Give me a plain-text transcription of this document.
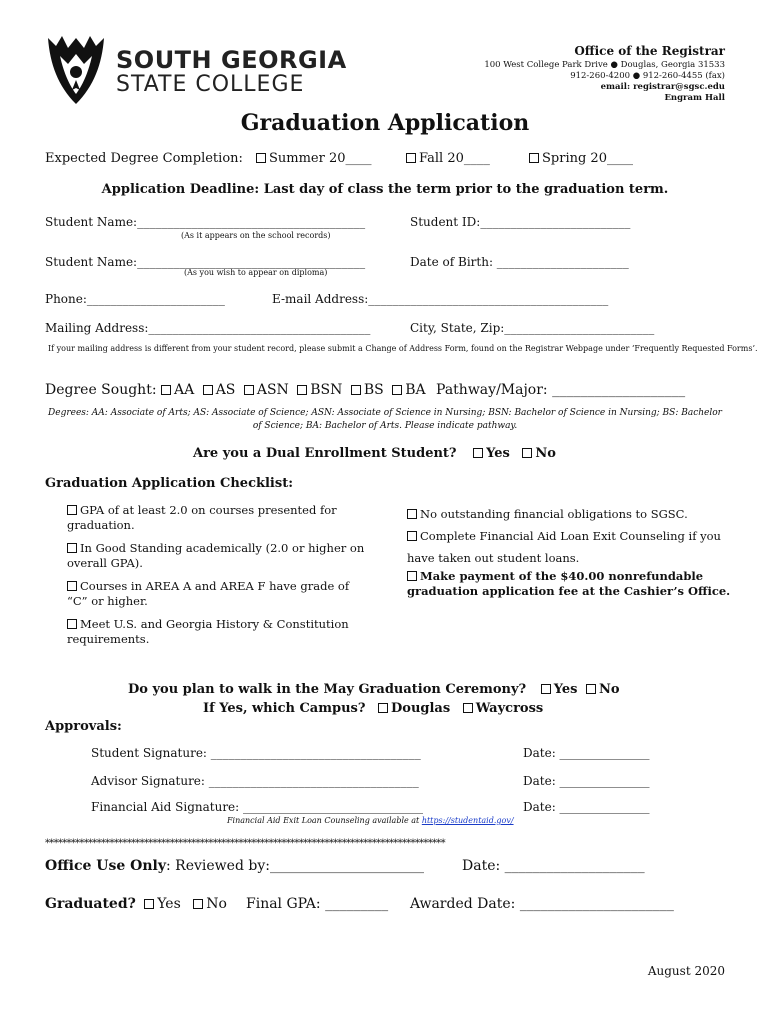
SOUTH GEORGIA
STATE COLLEGE
Office of the Registrar
100 West College Park Drive ● Douglas, Georgia 31533
912-260-4200 ● 912-260-4455 (fax)
email: registrar@sgsc.edu
Engram Hall
Graduation Application
Expected Degree Completion:	Summer 20____	Fall 20____	Spring 20____
Application Deadline: Last day of class the term prior to the graduation term.
Student Name:______________________________________	Student ID:_________________________
(As it appears on the school records)
Student Name:______________________________________	Date of Birth: ______________________
(As you wish to appear on diploma)
Phone:_______________________	E-mail Address:________________________________________
Mailing Address:_____________________________________	City, State, Zip:_________________________
If your mailing address is different from your student record, please submit a Change of Address Form, found on the Registrar Webpage under ‘Frequently Requested Forms’.
Degree Sought: AA AS ASN BSN BS BA Pathway/Major: ___________________
Degrees: AA: Associate of Arts; AS: Associate of Science; ASN: Associate of Science in Nursing; BSN: Bachelor of Science in Nursing; BS: Bachelor of Science; BA: Bachelor of Arts. Please indicate pathway.
Are you a Dual Enrollment Student? Yes No
Graduation Application Checklist:
GPA of at least 2.0 on courses presented for graduation.
In Good Standing academically (2.0 or higher on overall GPA).
Courses in AREA A and AREA F have grade of “C” or higher.
Meet U.S. and Georgia History & Constitution requirements.
No outstanding financial obligations to SGSC.
Complete Financial Aid Loan Exit Counseling if you have taken out student loans.
Make payment of the $40.00 nonrefundable graduation application fee at the Cashier’s Office.
Do you plan to walk in the May Graduation Ceremony? Yes No
If Yes, which Campus? Douglas Waycross
Approvals:
Student Signature: ___________________________________	Date: _______________
Advisor Signature: ___________________________________	Date: _______________
Financial Aid Signature: ______________________________	Date: _______________
Financial Aid Exit Loan Counseling available at https://studentaid.gov/
*********************************************************************************************
Office Use Only: Reviewed by:______________________	Date: ____________________
Graduated? Yes No Final GPA: _________ Awarded Date: ______________________
August 2020
